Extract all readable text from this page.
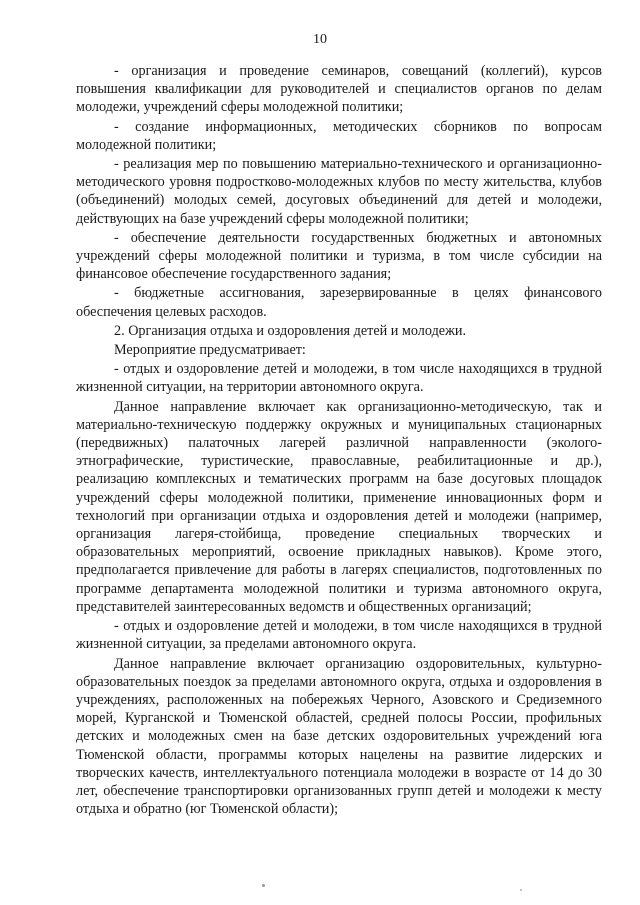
10

- организация и проведение семинаров, совещаний (коллегий), курсов повышения квалификации для руководителей и специалистов органов по делам молодежи, учреждений сферы молодежной политики;

- создание информационных, методических сборников по вопросам молодежной политики;

- реализация мер по повышению материально-технического и организационно-методического уровня подростково-молодежных клубов по месту жительства, клубов (объединений) молодых семей, досуговых объединений для детей и молодежи, действующих на базе учреждений сферы молодежной политики;

- обеспечение деятельности государственных бюджетных и автономных учреждений сферы молодежной политики и туризма, в том числе субсидии на финансовое обеспечение государственного задания;

- бюджетные ассигнования, зарезервированные в целях финансового обеспечения целевых расходов.

2. Организация отдыха и оздоровления детей и молодежи.

Мероприятие предусматривает:

- отдых и оздоровление детей и молодежи, в том числе находящихся в трудной жизненной ситуации, на территории автономного округа.

Данное направление включает как организационно-методическую, так и материально-техническую поддержку окружных и муниципальных стационарных (передвижных) палаточных лагерей различной направленности (эколого-этнографические, туристические, православные, реабилитационные и др.), реализацию комплексных и тематических программ на базе досуговых площадок учреждений сферы молодежной политики, применение инновационных форм и технологий при организации отдыха и оздоровления детей и молодежи (например, организация лагеря-стойбища, проведение специальных творческих и образовательных мероприятий, освоение прикладных навыков). Кроме этого, предполагается привлечение для работы в лагерях специалистов, подготовленных по программе департамента молодежной политики и туризма автономного округа, представителей заинтересованных ведомств и общественных организаций;

- отдых и оздоровление детей и молодежи, в том числе находящихся в трудной жизненной ситуации, за пределами автономного округа.

Данное направление включает организацию оздоровительных, культурно-образовательных поездок за пределами автономного округа, отдыха и оздоровления в учреждениях, расположенных на побережьях Черного, Азовского и Средиземного морей, Курганской и Тюменской областей, средней полосы России, профильных детских и молодежных смен на базе детских оздоровительных учреждений юга Тюменской области, программы которых нацелены на развитие лидерских и творческих качеств, интеллектуального потенциала молодежи в возрасте от 14 до 30 лет, обеспечение транспортировки организованных групп детей и молодежи к месту отдыха и обратно (юг Тюменской области);
